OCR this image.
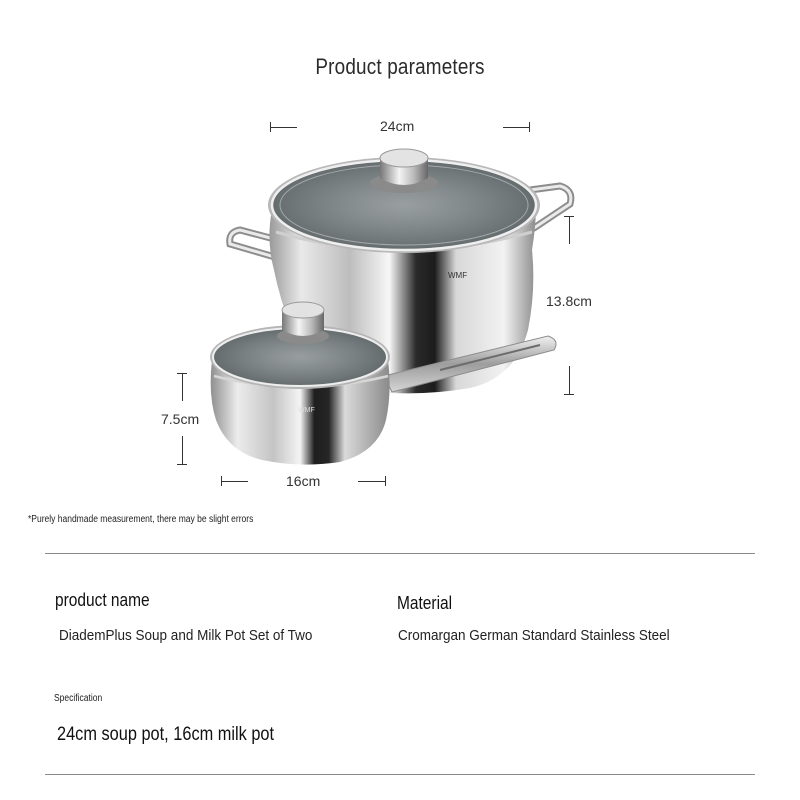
Product parameters
WMF
WMF
24cm
13.8cm
7.5cm
16cm
*Purely handmade measurement, there may be slight errors
product name
DiademPlus Soup and Milk Pot Set of Two
Material
Cromargan German Standard Stainless Steel
Specification
24cm soup pot, 16cm milk pot
